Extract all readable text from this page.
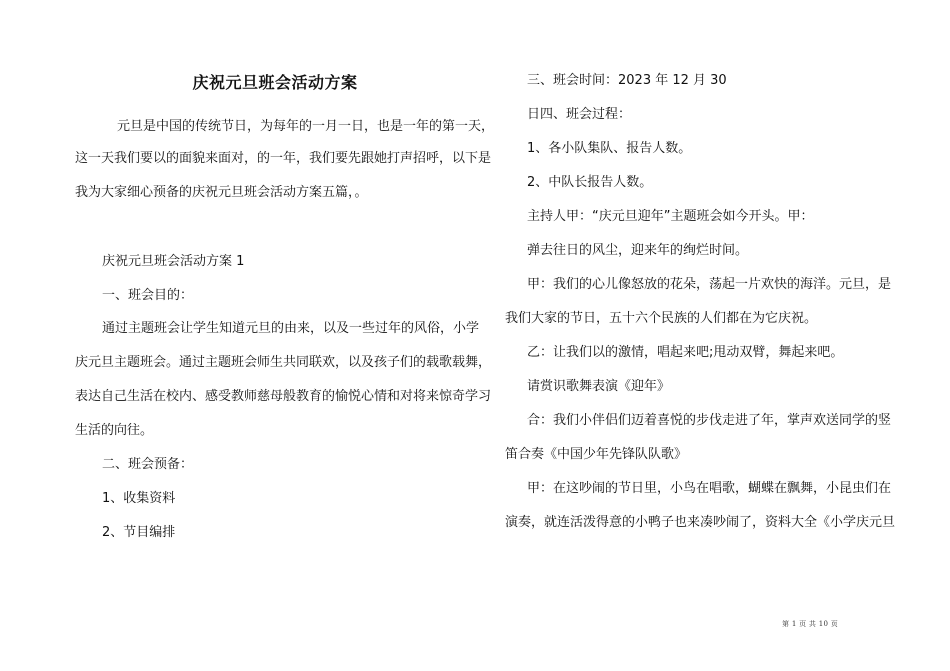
庆祝元旦班会活动方案
元旦是中国的传统节日，为每年的一月一日，也是一年的第一天，
这一天我们要以的面貌来面对，的一年，我们要先跟她打声招呼，以下是
我为大家细心预备的庆祝元旦班会活动方案五篇，。
庆祝元旦班会活动方案 1
一、班会目的：
通过主题班会让学生知道元旦的由来，以及一些过年的风俗，小学
庆元旦主题班会。通过主题班会师生共同联欢，以及孩子们的载歌载舞，
表达自己生活在校内、感受教师慈母般教育的愉悦心情和对将来惊奇学习
生活的向往。
二、班会预备：
1、收集资料
2、节目编排
三、班会时间：2023 年 12 月 30
日四、班会过程：
1、各小队集队、报告人数。
2、中队长报告人数。
主持人甲：“庆元旦迎年”主题班会如今开头。甲：
弹去往日的风尘，迎来年的绚烂时间。
甲：我们的心儿像怒放的花朵，荡起一片欢快的海洋。元旦，是
我们大家的节日，五十六个民族的人们都在为它庆祝。
乙：让我们以的激情，唱起来吧;甩动双臂，舞起来吧。
请赏识歌舞表演《迎年》
合：我们小伴侣们迈着喜悦的步伐走进了年，掌声欢送同学的竖
笛合奏《中国少年先锋队队歌》
甲：在这吵闹的节日里，小鸟在唱歌，蝴蝶在飘舞，小昆虫们在
演奏，就连活泼得意的小鸭子也来凑吵闹了，资料大全《小学庆元旦
第 1 页 共 10 页
